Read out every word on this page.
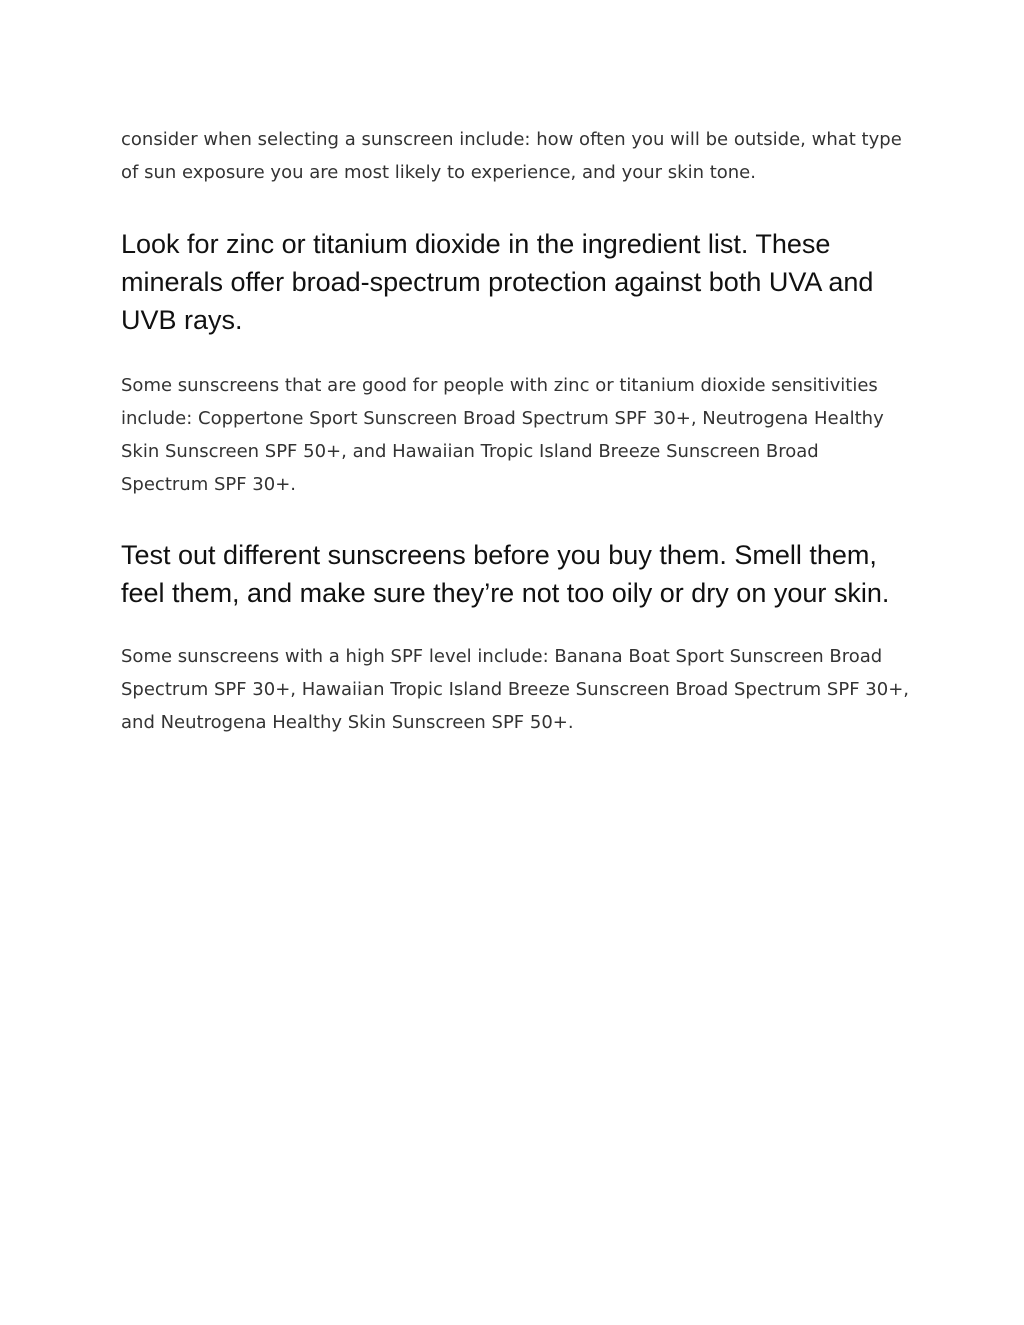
consider when selecting a sunscreen include: how often you will be outside, what type of sun exposure you are most likely to experience, and your skin tone.

Look for zinc or titanium dioxide in the ingredient list. These minerals offer broad-spectrum protection against both UVA and UVB rays.

Some sunscreens that are good for people with zinc or titanium dioxide sensitivities include: Coppertone Sport Sunscreen Broad Spectrum SPF 30+, Neutrogena Healthy Skin Sunscreen SPF 50+, and Hawaiian Tropic Island Breeze Sunscreen Broad Spectrum SPF 30+.

Test out different sunscreens before you buy them. Smell them, feel them, and make sure they’re not too oily or dry on your skin.

Some sunscreens with a high SPF level include: Banana Boat Sport Sunscreen Broad Spectrum SPF 30+, Hawaiian Tropic Island Breeze Sunscreen Broad Spectrum SPF 30+, and Neutrogena Healthy Skin Sunscreen SPF 50+.
